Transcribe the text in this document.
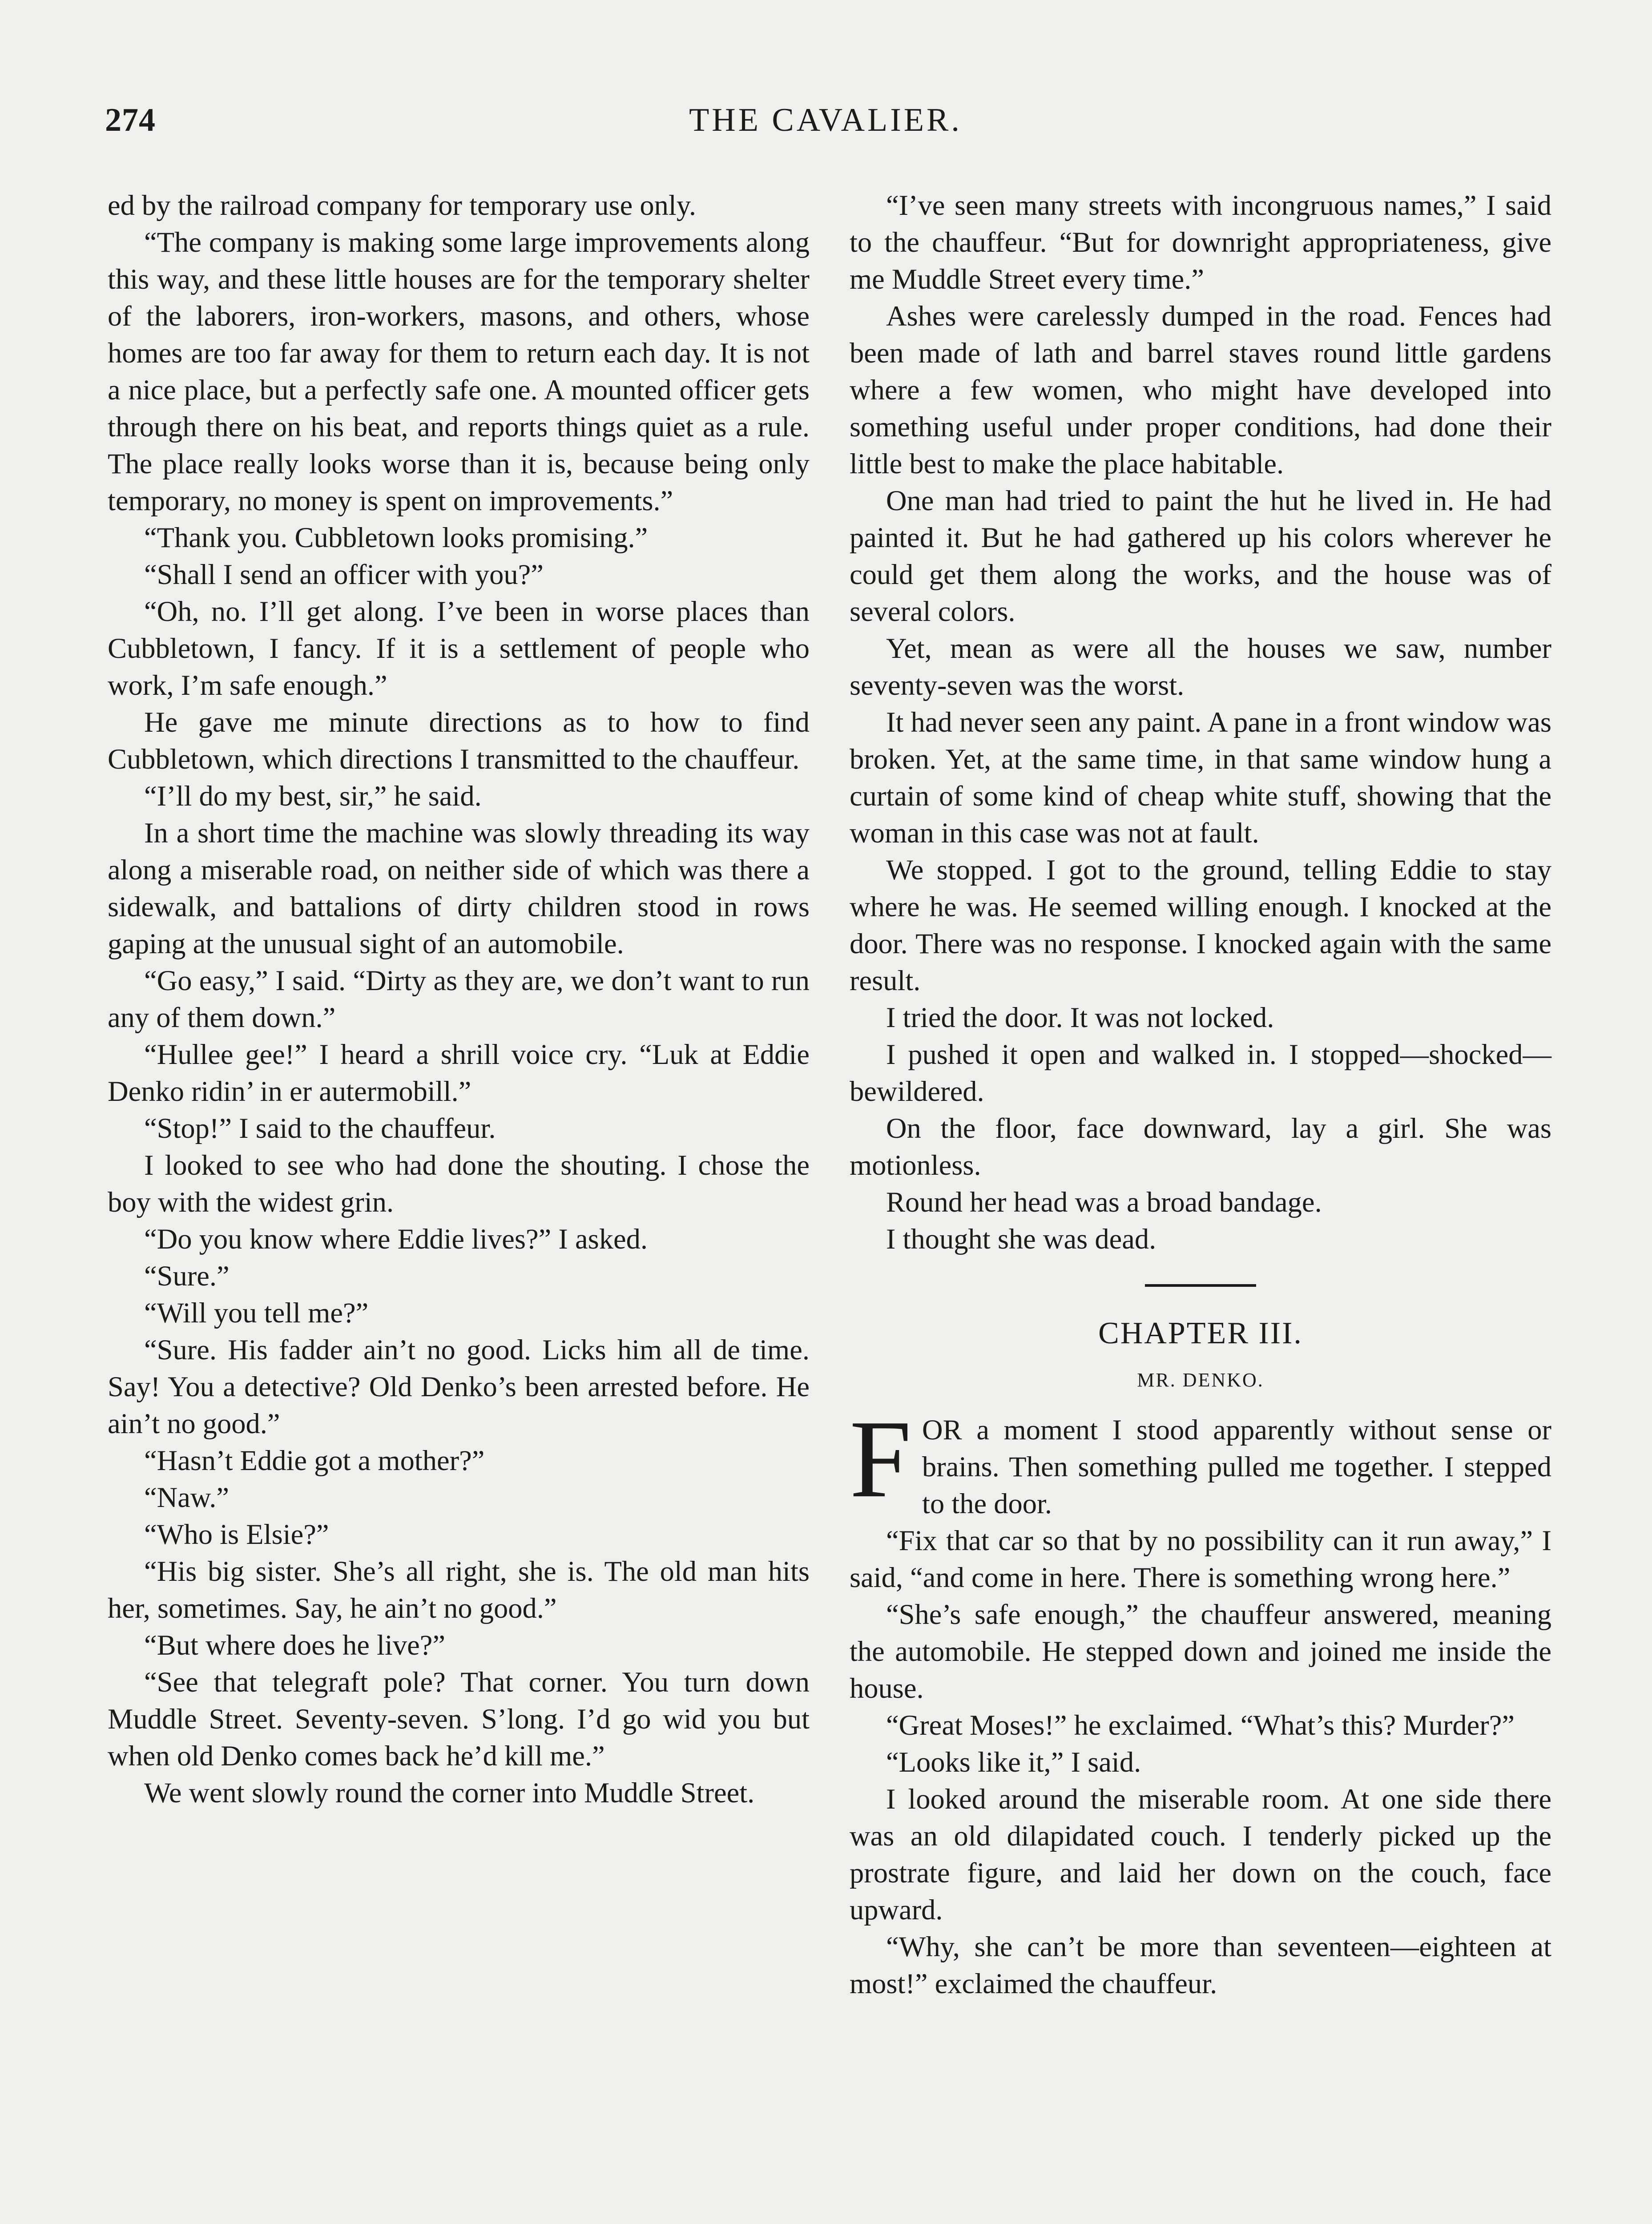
274	THE CAVALIER.

ed by the railroad company for temporary use only.

“The company is making some large improvements along this way, and these little houses are for the temporary shelter of the laborers, iron-workers, masons, and others, whose homes are too far away for them to return each day. It is not a nice place, but a perfectly safe one. A mounted officer gets through there on his beat, and reports things quiet as a rule. The place really looks worse than it is, because being only temporary, no money is spent on improvements.”

“Thank you. Cubbletown looks promising.”

“Shall I send an officer with you?”

“Oh, no. I’ll get along. I’ve been in worse places than Cubbletown, I fancy. If it is a settlement of people who work, I’m safe enough.”

He gave me minute directions as to how to find Cubbletown, which directions I transmitted to the chauffeur.

“I’ll do my best, sir,” he said.

In a short time the machine was slowly threading its way along a miserable road, on neither side of which was there a sidewalk, and battalions of dirty children stood in rows gaping at the unusual sight of an automobile.

“Go easy,” I said. “Dirty as they are, we don’t want to run any of them down.”

“Hullee gee!” I heard a shrill voice cry. “Luk at Eddie Denko ridin’ in er autermobill.”

“Stop!” I said to the chauffeur.

I looked to see who had done the shouting. I chose the boy with the widest grin.

“Do you know where Eddie lives?” I asked.

“Sure.”

“Will you tell me?”

“Sure. His fadder ain’t no good. Licks him all de time. Say! You a detective? Old Denko’s been arrested before. He ain’t no good.”

“Hasn’t Eddie got a mother?”

“Naw.”

“Who is Elsie?”

“His big sister. She’s all right, she is. The old man hits her, sometimes. Say, he ain’t no good.”

“But where does he live?”

“See that telegraft pole? That corner. You turn down Muddle Street. Seventy-seven. S’long. I’d go wid you but when old Denko comes back he’d kill me.”

We went slowly round the corner into Muddle Street.

“I’ve seen many streets with incongruous names,” I said to the chauffeur. “But for downright appropriateness, give me Muddle Street every time.”

Ashes were carelessly dumped in the road. Fences had been made of lath and barrel staves round little gardens where a few women, who might have developed into something useful under proper conditions, had done their little best to make the place habitable.

One man had tried to paint the hut he lived in. He had painted it. But he had gathered up his colors wherever he could get them along the works, and the house was of several colors.

Yet, mean as were all the houses we saw, number seventy-seven was the worst.

It had never seen any paint. A pane in a front window was broken. Yet, at the same time, in that same window hung a curtain of some kind of cheap white stuff, showing that the woman in this case was not at fault.

We stopped. I got to the ground, telling Eddie to stay where he was. He seemed willing enough. I knocked at the door. There was no response. I knocked again with the same result.

I tried the door. It was not locked.

I pushed it open and walked in. I stopped—shocked—bewildered.

On the floor, face downward, lay a girl. She was motionless.

Round her head was a broad bandage.

I thought she was dead.

CHAPTER III.
MR. DENKO.
F OR a moment I stood apparently without sense or brains. Then something pulled me together. I stepped to the door.

“Fix that car so that by no possibility can it run away,” I said, “and come in here. There is something wrong here.”

“She’s safe enough,” the chauffeur answered, meaning the automobile. He stepped down and joined me inside the house.

“Great Moses!” he exclaimed. “What’s this? Murder?”

“Looks like it,” I said.

I looked around the miserable room. At one side there was an old dilapidated couch. I tenderly picked up the prostrate figure, and laid her down on the couch, face upward.

“Why, she can’t be more than seventeen—eighteen at most!” exclaimed the chauffeur.
